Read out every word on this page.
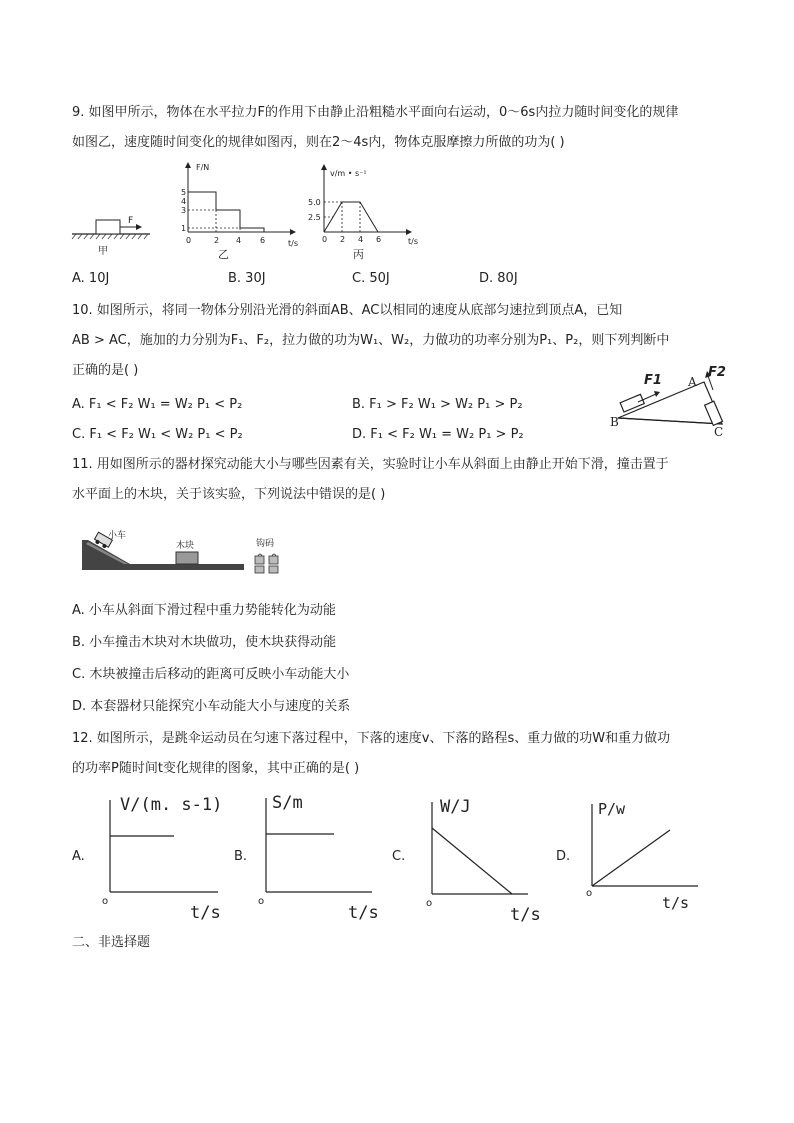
9. 如图甲所示，物体在水平拉力F的作用下由静止沿粗糙水平面向右运动，0～6s内拉力随时间变化的规律
如图乙，速度随时间变化的规律如图丙，则在2～4s内，物体克服摩擦力所做的功为( )
F
甲
F/N
t/s
5
4
3
1
0	2 4 6
乙
v/m • s⁻¹
t/s
5.0
2.5
0 2 4 6
丙
A. 10J	B. 30J	C. 50J	D. 80J
10. 如图所示，将同一物体分别沿光滑的斜面AB、AC以相同的速度从底部匀速拉到顶点A，已知
AB > AC，施加的力分别为F₁、F₂，拉力做的功为W₁、W₂，力做功的功率分别为P₁、P₂，则下列判断中
正确的是( )
A. F₁ < F₂ W₁ = W₂ P₁ < P₂	B. F₁ > F₂ W₁ > W₂ P₁ > P₂
C. F₁ < F₂ W₁ < W₂ P₁ < P₂	D. F₁ < F₂ W₁ = W₂ P₁ > P₂
F1
F2
A
B
C
11. 用如图所示的器材探究动能大小与哪些因素有关，实验时让小车从斜面上由静止开始下滑，撞击置于
水平面上的木块，关于该实验，下列说法中错误的是( )
小车
木块	钩码
A. 小车从斜面下滑过程中重力势能转化为动能
B. 小车撞击木块对木块做功，使木块获得动能
C. 木块被撞击后移动的距离可反映小车动能大小
D. 本套器材只能探究小车动能大小与速度的关系
12. 如图所示，是跳伞运动员在匀速下落过程中，下落的速度v、下落的路程s、重力做的功W和重力做功
的功率P随时间t变化规律的图象，其中正确的是( )
A.
V/(m. s-1)
o
t/s
B.
S/m
o
t/s
C.
W/J
o
t/s
D.
P/w
o
t/s
二、非选择题
